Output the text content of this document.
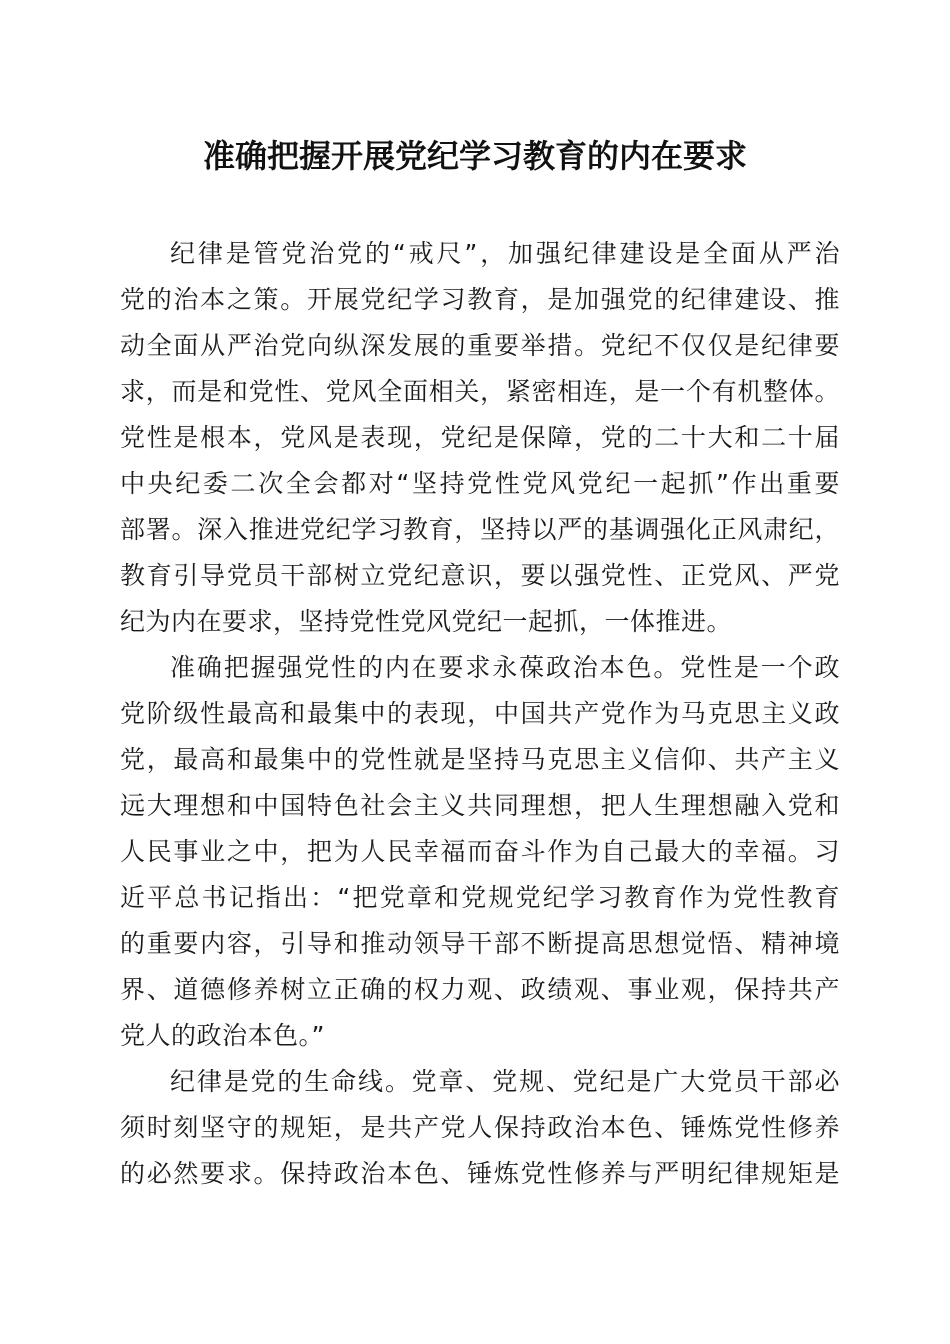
准确把握开展党纪学习教育的内在要求
纪律是管党治党的“戒尺”，加强纪律建设是全面从严治
党的治本之策。开展党纪学习教育，是加强党的纪律建设、推
动全面从严治党向纵深发展的重要举措。党纪不仅仅是纪律要
求，而是和党性、党风全面相关，紧密相连，是一个有机整体。
党性是根本，党风是表现，党纪是保障，党的二十大和二十届
中央纪委二次全会都对“坚持党性党风党纪一起抓”作出重要
部署。深入推进党纪学习教育，坚持以严的基调强化正风肃纪，
教育引导党员干部树立党纪意识，要以强党性、正党风、严党
纪为内在要求，坚持党性党风党纪一起抓，一体推进。
准确把握强党性的内在要求永葆政治本色。党性是一个政
党阶级性最高和最集中的表现，中国共产党作为马克思主义政
党，最高和最集中的党性就是坚持马克思主义信仰、共产主义
远大理想和中国特色社会主义共同理想，把人生理想融入党和
人民事业之中，把为人民幸福而奋斗作为自己最大的幸福。习
近平总书记指出：“把党章和党规党纪学习教育作为党性教育
的重要内容，引导和推动领导干部不断提高思想觉悟、精神境
界、道德修养树立正确的权力观、政绩观、事业观，保持共产
党人的政治本色。”
纪律是党的生命线。党章、党规、党纪是广大党员干部必
须时刻坚守的规矩，是共产党人保持政治本色、锤炼党性修养
的必然要求。保持政治本色、锤炼党性修养与严明纪律规矩是
